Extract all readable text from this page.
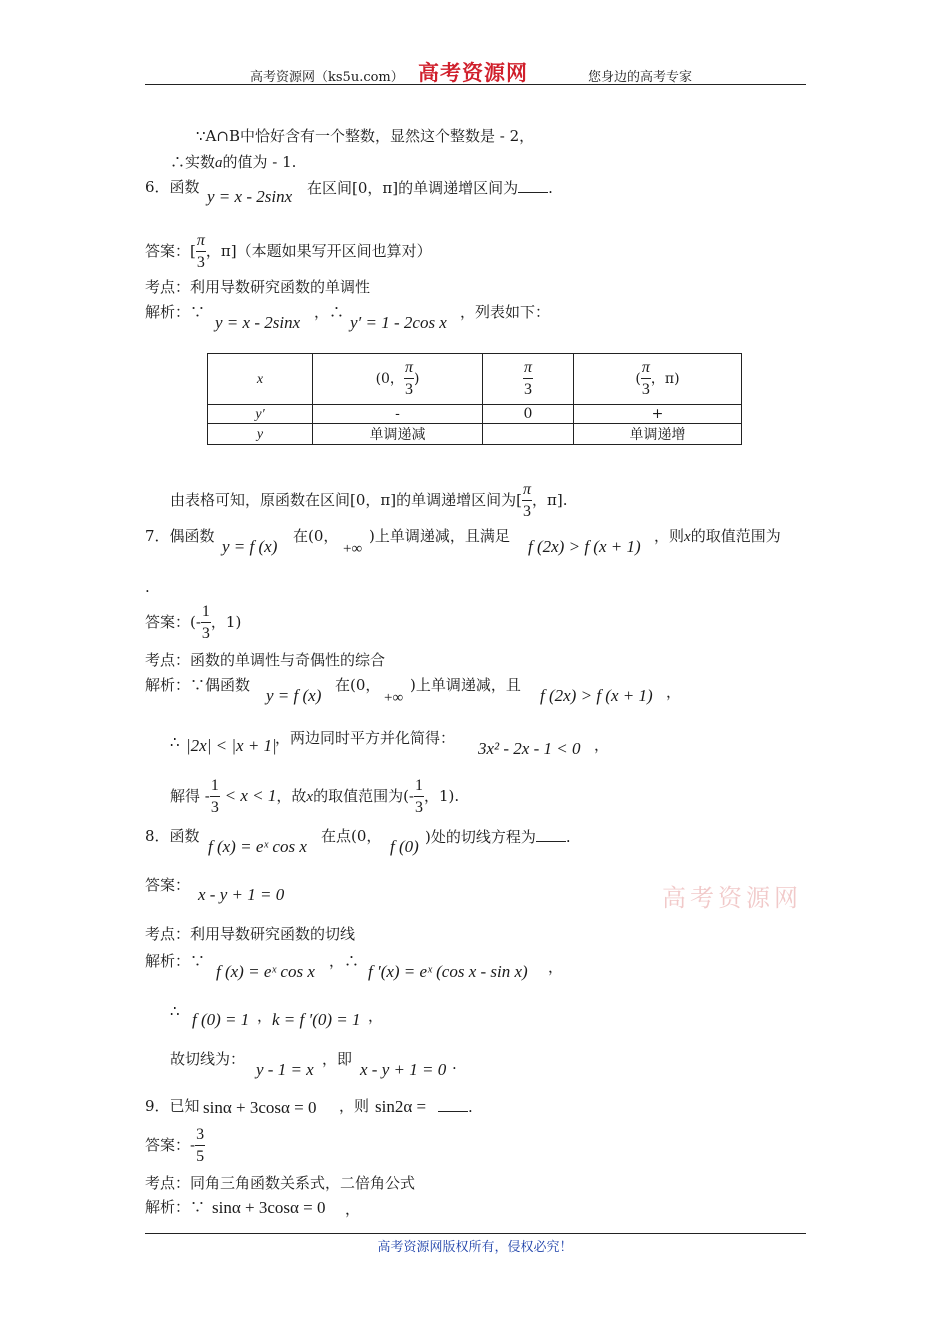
高考资源网（ks5u.com） 高考资源网	您身边的高考专家
∵A∩B中恰好含有一个整数，显然这个整数是 - 2，
∴实数a的值为 - 1.
6．函数 y = x - 2sinx 在区间[0，π]的单调递增区间为 .
答案：[ $\frac{\pi}{3}$ ，π]（本题如果写开区间也算对）
考点：利用导数研究函数的单调性
解析：∵
y = x - 2sinx
，∴
y′ = 1 - 2cos x
，列表如下：
x	(0， $\frac{\pi}{3}$ )	$\frac{\pi}{3}$	( $\frac{\pi}{3}$ ，π)
y′	-	0	+
y	单调递减		单调递增
由表格可知，原函数在区间[0，π]的单调递增区间为[ $\frac{\pi}{3}$ ，π].
7．偶函数
y = f (x)
在(0，
+∞
)上单调递减，且满足
f (2x) > f (x + 1)
，则x的取值范围为
.
答案：(- $\frac{1}{3}$ ，1)
考点：函数的单调性与奇偶性的综合
解析：∵偶函数
y = f (x)
在(0，
+∞
)上单调递减，且
f (2x) > f (x + 1) ，
∴ |2x| < |x + 1|
，两边同时平方并化简得：
3x² - 2x - 1 < 0 ，
解得 - $\frac{1}{3} < x < 1$，故x的取值范围为(- $\frac{1}{3}$ ，1).
8．函数
f (x) = eˣ cos x
在点(0，
f (0) )处的切线方程为 .
答案： x - y + 1 = 0	高考资源网
考点：利用导数研究函数的切线
解析：∵
f (x) = eˣ cos x
，∴
f ′(x) = eˣ (cos x - sin x) ，
∴ f (0) = 1 ， k = f ′(0) = 1 ，
故切线为：
y - 1 = x
，即
x - y + 1 = 0 .
9．已知 sinα + 3cosα = 0 ，则 sin2α =	.
答案：- $\frac{3}{5}$
考点：同角三角函数关系式，二倍角公式
解析：∵ sinα + 3cosα = 0 ，
高考资源网版权所有，侵权必究！
